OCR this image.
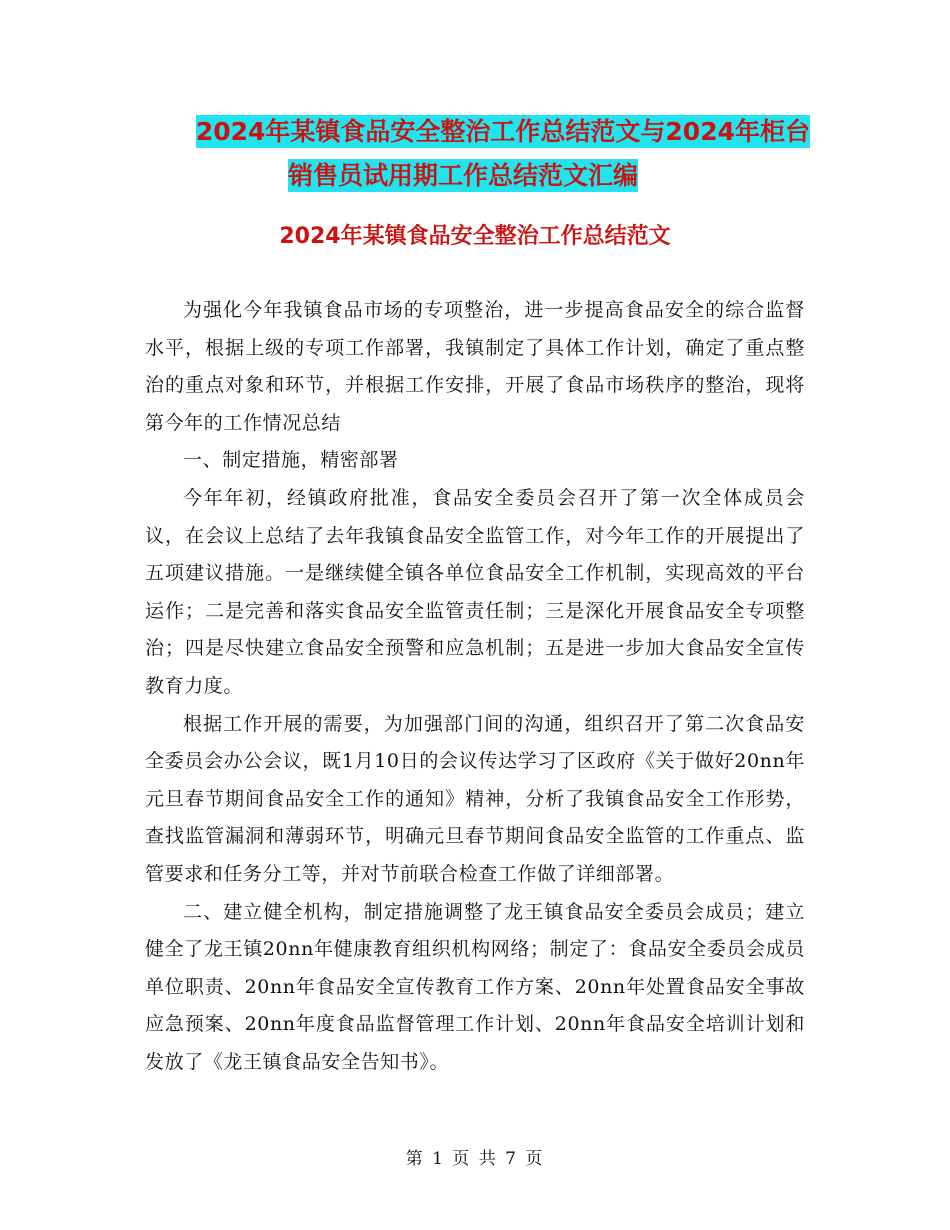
2024年某镇食品安全整治工作总结范文与2024年柜台
销售员试用期工作总结范文汇编
2024年某镇食品安全整治工作总结范文

为强化今年我镇食品市场的专项整治，进一步提高食品安全的综合监督水平，根据上级的专项工作部署，我镇制定了具体工作计划，确定了重点整治的重点对象和环节，并根据工作安排，开展了食品市场秩序的整治，现将第今年的工作情况总结

一、制定措施，精密部署

今年年初，经镇政府批准，食品安全委员会召开了第一次全体成员会议，在会议上总结了去年我镇食品安全监管工作，对今年工作的开展提出了五项建议措施。一是继续健全镇各单位食品安全工作机制，实现高效的平台运作；二是完善和落实食品安全监管责任制；三是深化开展食品安全专项整治；四是尽快建立食品安全预警和应急机制；五是进一步加大食品安全宣传教育力度。

根据工作开展的需要，为加强部门间的沟通，组织召开了第二次食品安全委员会办公会议，既1月10日的会议传达学习了区政府《关于做好20nn年元旦春节期间食品安全工作的通知》精神，分析了我镇食品安全工作形势，查找监管漏洞和薄弱环节，明确元旦春节期间食品安全监管的工作重点、监管要求和任务分工等，并对节前联合检查工作做了详细部署。

二、建立健全机构，制定措施调整了龙王镇食品安全委员会成员；建立健全了龙王镇20nn年健康教育组织机构网络；制定了：食品安全委员会成员单位职责、20nn年食品安全宣传教育工作方案、20nn年处置食品安全事故应急预案、20nn年度食品监督管理工作计划、20nn年食品安全培训计划和发放了《龙王镇食品安全告知书》。

第 1 页 共 7 页
